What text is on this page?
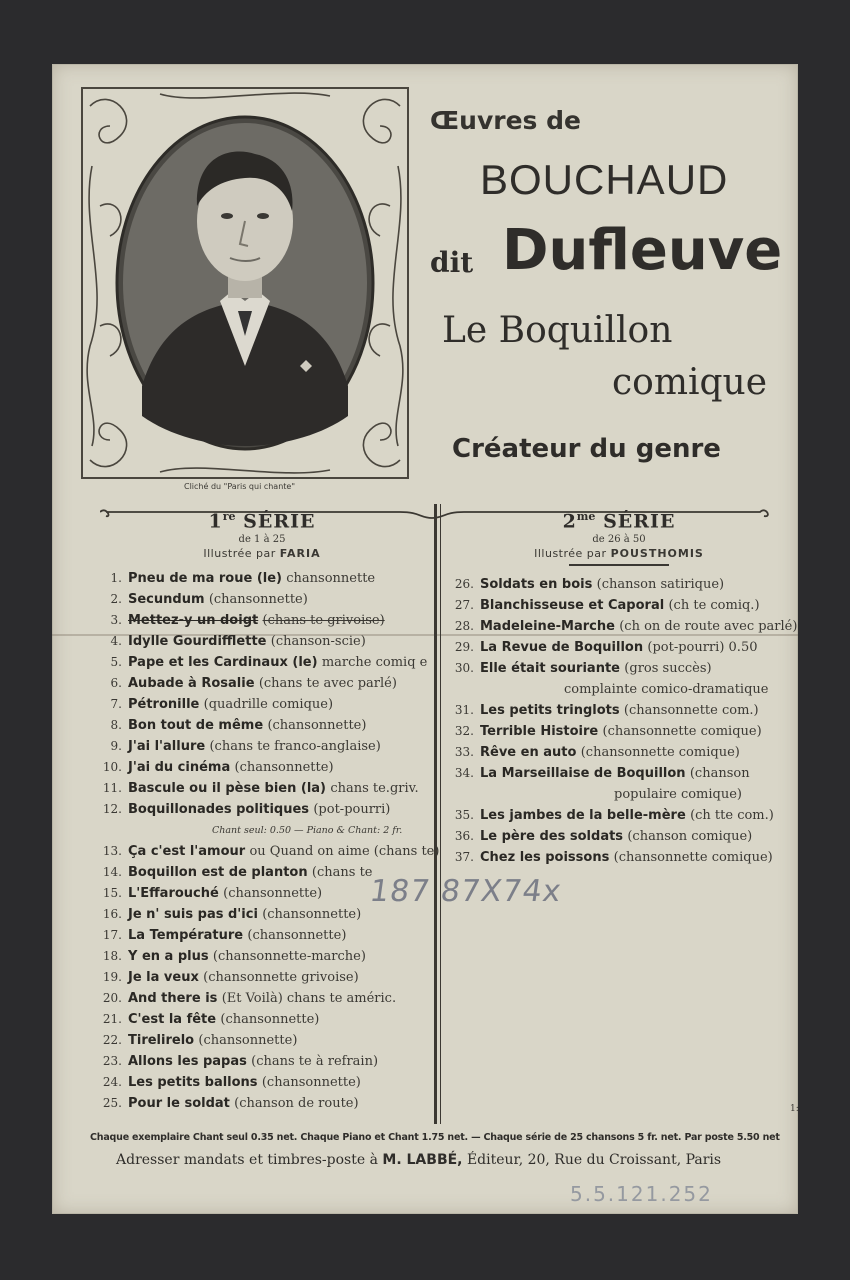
Cliché du "Paris qui chante"
Œuvres de
BOUCHAUD
dit Dufleuve
Le Boquillon
comique
Créateur du genre
1re SÉRIE
de 1 à 25
Illustrée par FARIA
1. Pneu de ma roue (le) chansonnette
2. Secundum (chansonnette)
3. Mettez-y un doigt (chans te grivoise)
4. Idylle Gourdifflette (chanson-scie)
5. Pape et les Cardinaux (le) marche comiq e
6. Aubade à Rosalie (chans te avec parlé)
7. Pétronille (quadrille comique)
8. Bon tout de même (chansonnette)
9. J'ai l'allure (chans te franco-anglaise)
10. J'ai du cinéma (chansonnette)
11. Bascule ou il pèse bien (la) chans te.griv.
12. Boquillonades politiques (pot-pourri)
Chant seul: 0.50 — Piano & Chant: 2 fr.
13. Ça c'est l'amour ou Quand on aime (chans te)
14. Boquillon est de planton (chans te
15. L'Effarouché (chansonnette)
16. Je n' suis pas d'ici (chansonnette)
17. La Température (chansonnette)
18. Y en a plus (chansonnette-marche)
19. Je la veux (chansonnette grivoise)
20. And there is (Et Voilà) chans te améric.
21. C'est la fête (chansonnette)
22. Tirelirelo (chansonnette)
23. Allons les papas (chans te à refrain)
24. Les petits ballons (chansonnette)
25. Pour le soldat (chanson de route)
$2^{me}$ SÉRIE
de 26 à 50
Illustrée par POUSTHOMIS
26. Soldats en bois (chanson satirique)
27. Blanchisseuse et Caporal (ch te comiq.)
28. Madeleine-Marche (ch on de route avec parlé)
29. La Revue de Boquillon (pot-pourri) 0.50
30. Elle était souriante (gros succès)
complainte comico-dramatique
31. Les petits tringlots (chansonnette com.)
32. Terrible Histoire (chansonnette comique)
33. Rêve en auto (chansonnette comique)
34. La Marseillaise de Boquillon (chanson
populaire comique)
35. Les jambes de la belle-mère (ch tte com.)
36. Le père des soldats (chanson comique)
37. Chez les poissons (chansonnette comique)
187 87X74x
1:
Chaque exemplaire Chant seul 0.35 net. Chaque Piano et Chant 1.75 net. — Chaque série de 25 chansons 5 fr. net. Par poste 5.50 net
Adresser mandats et timbres-poste à M. LABBÉ, Éditeur, 20, Rue du Croissant, Paris
5.5.121.252
